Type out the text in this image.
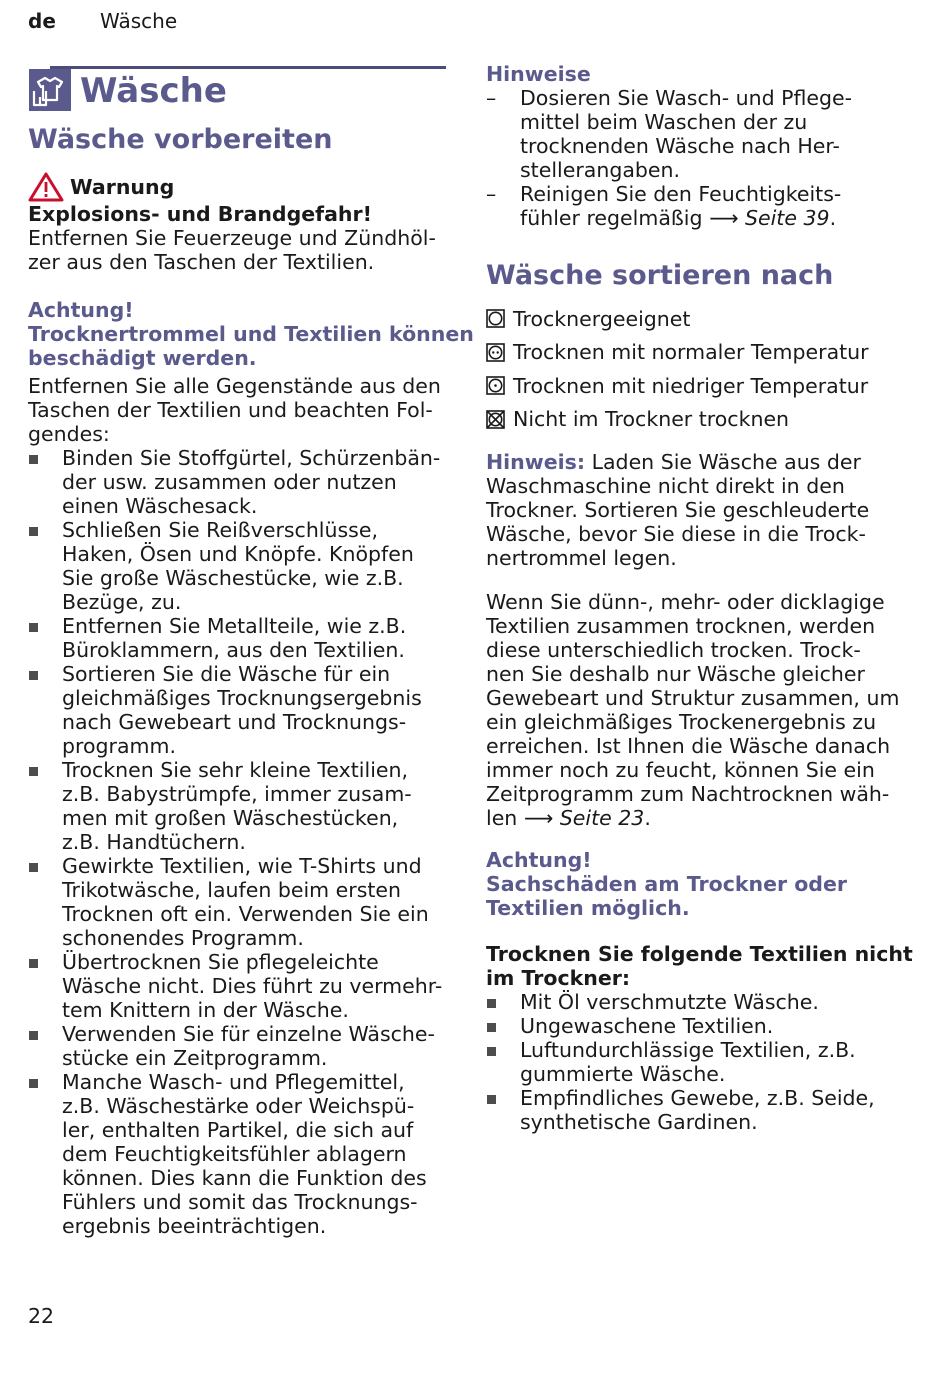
de Wäsche
Wäsche
Wäsche vorbereiten
Warnung
Explosions- und Brandgefahr!
Entfernen Sie Feuerzeuge und Zündhöl-
zer aus den Taschen der Textilien.
Achtung!
Trocknertrommel und Textilien können
beschädigt werden.
Entfernen Sie alle Gegenstände aus den
Taschen der Textilien und beachten Fol-
gendes:
Binden Sie Stoffgürtel, Schürzenbän-
der usw. zusammen oder nutzen
einen Wäschesack.
Schließen Sie Reißverschlüsse,
Haken, Ösen und Knöpfe. Knöpfen
Sie große Wäschestücke, wie z.B.
Bezüge, zu.
Entfernen Sie Metallteile, wie z.B.
Büroklammern, aus den Textilien.
Sortieren Sie die Wäsche für ein
gleichmäßiges Trocknungsergebnis
nach Gewebeart und Trocknungs-
programm.
Trocknen Sie sehr kleine Textilien,
z.B. Babystrümpfe, immer zusam-
men mit großen Wäschestücken,
z.B. Handtüchern.
Gewirkte Textilien, wie T-Shirts und
Trikotwäsche, laufen beim ersten
Trocknen oft ein. Verwenden Sie ein
schonendes Programm.
Übertrocknen Sie pflegeleichte
Wäsche nicht. Dies führt zu vermehr-
tem Knittern in der Wäsche.
Verwenden Sie für einzelne Wäsche-
stücke ein Zeitprogramm.
Manche Wasch- und Pflegemittel,
z.B. Wäschestärke oder Weichspü-
ler, enthalten Partikel, die sich auf
dem Feuchtigkeitsfühler ablagern
können. Dies kann die Funktion des
Fühlers und somit das Trocknungs-
ergebnis beeinträchtigen.
Hinweise
– Dosieren Sie Wasch- und Pflege-
mittel beim Waschen der zu
trocknenden Wäsche nach Her-
stellerangaben.
– Reinigen Sie den Feuchtigkeits-
fühler regelmäßig ⟶ Seite 39.
Wäsche sortieren nach
Trocknergeeignet
Trocknen mit normaler Temperatur
Trocknen mit niedriger Temperatur
Nicht im Trockner trocknen
Hinweis: Laden Sie Wäsche aus der
Waschmaschine nicht direkt in den
Trockner. Sortieren Sie geschleuderte
Wäsche, bevor Sie diese in die Trock-
nertrommel legen.
Wenn Sie dünn-, mehr- oder dicklagige
Textilien zusammen trocknen, werden
diese unterschiedlich trocken. Trock-
nen Sie deshalb nur Wäsche gleicher
Gewebeart und Struktur zusammen, um
ein gleichmäßiges Trockenergebnis zu
erreichen. Ist Ihnen die Wäsche danach
immer noch zu feucht, können Sie ein
Zeitprogramm zum Nachtrocknen wäh-
len ⟶ Seite 23.
Achtung!
Sachschäden am Trockner oder
Textilien möglich.
Trocknen Sie folgende Textilien nicht
im Trockner:
Mit Öl verschmutzte Wäsche.
Ungewaschene Textilien.
Luftundurchlässige Textilien, z.B.
gummierte Wäsche.
Empfindliches Gewebe, z.B. Seide,
synthetische Gardinen.
22
